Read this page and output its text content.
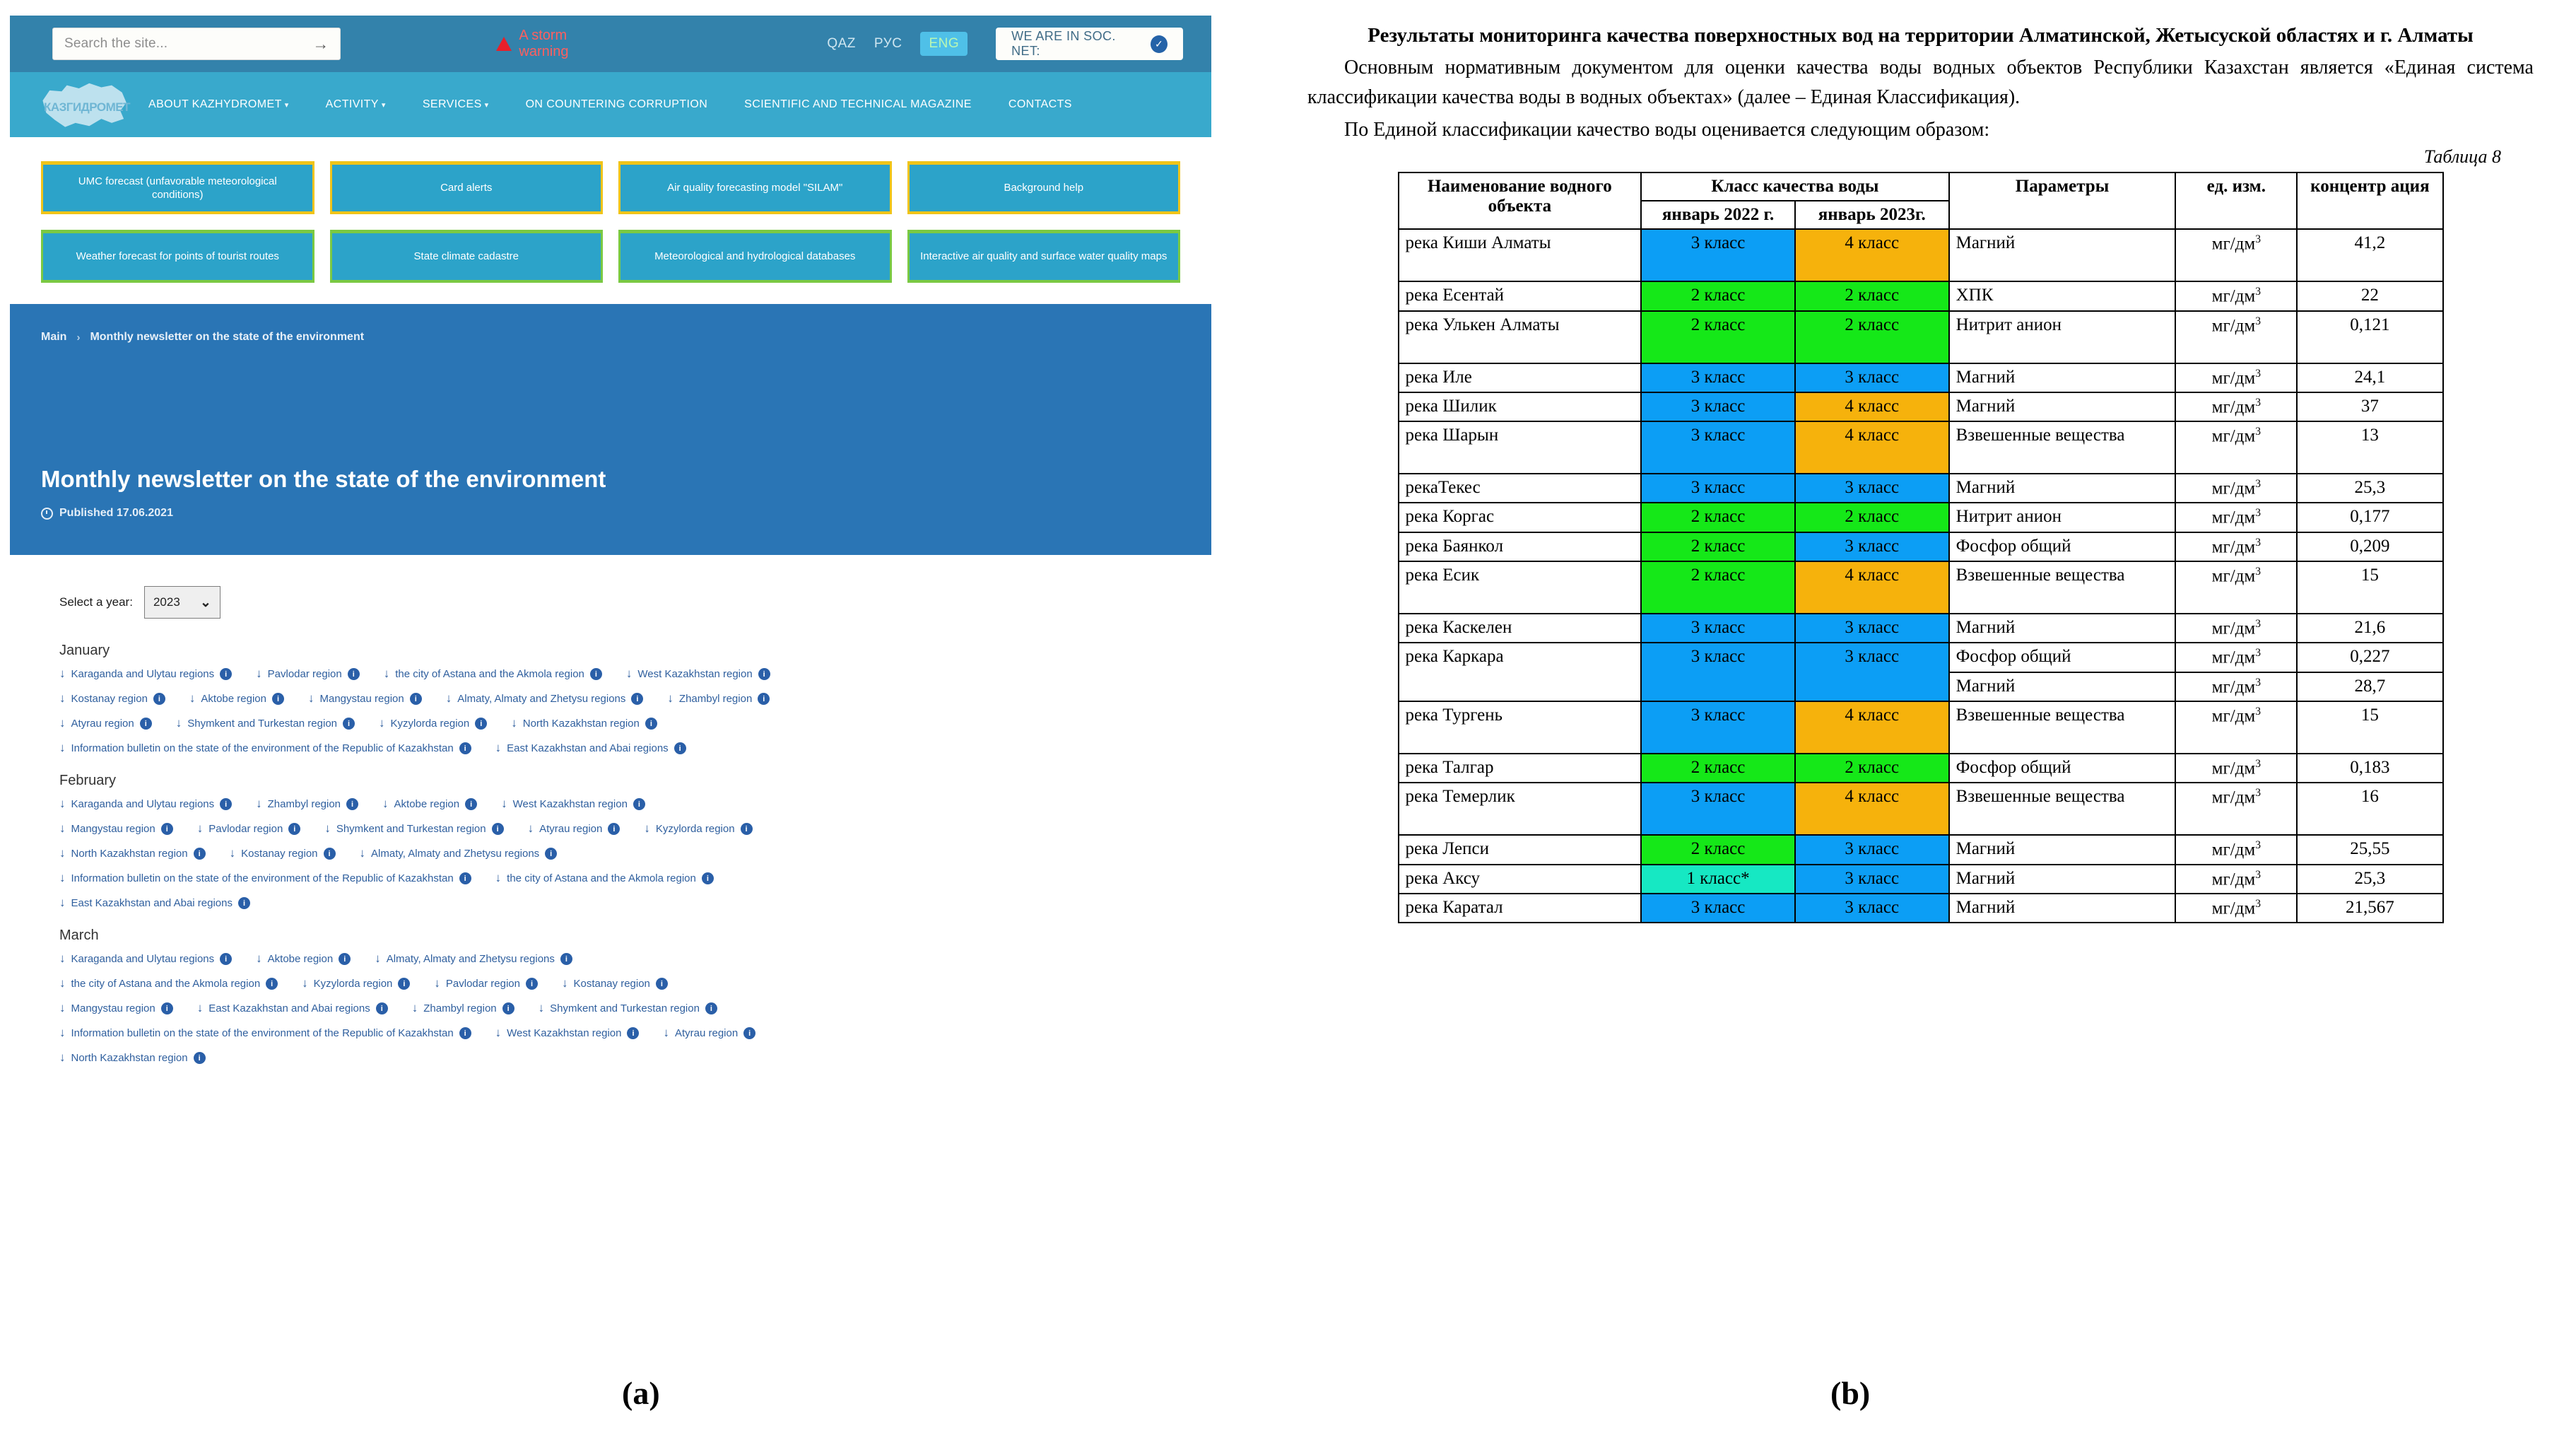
Search the site...	→	A storm warning
QAZ РУС	ENG	WE ARE IN SOC. NET:
✓
КАЗГИДРОМЕТ ABOUT KAZHYDROMET ▾	ACTIVITY ▾	SERVICES ▾	ON COUNTERING CORRUPTION	SCIENTIFIC AND TECHNICAL MAGAZINE	CONTACTS
UMC forecast (unfavorable meteorological conditions)
Card alerts	Air quality forecasting model "SILAM"	Background help
Weather forecast for points of tourist routes	State climate cadastre	Meteorological and hydrological databases	Interactive air quality and surface water quality maps
Main › Monthly newsletter on the state of the environment
Monthly newsletter on the state of the environment
Published 17.06.2021
Select a year: 2023 ⌄
January
↓ Karaganda and Ulytau regions	i	↓ Pavlodar region	i	↓ the city of Astana and the Akmola region	i	↓ West Kazakhstan region	i
↓ Kostanay region	i	↓ Aktobe region	i	↓ Mangystau region	i	↓ Almaty, Almaty and Zhetysu regions	i	↓ Zhambyl region	i
↓ Atyrau region	i	↓ Shymkent and Turkestan region	i	↓ Kyzylorda region	i	↓ North Kazakhstan region	i
↓ Information bulletin on the state of the environment of the Republic of Kazakhstan	i	↓ East Kazakhstan and Abai regions	i
February
↓ Karaganda and Ulytau regions	i	↓ Zhambyl region	i	↓ Aktobe region	i	↓ West Kazakhstan region	i
↓ Mangystau region	i	↓ Pavlodar region	i	↓ Shymkent and Turkestan region	i	↓ Atyrau region	i	↓ Kyzylorda region	i
↓ North Kazakhstan region	i	↓ Kostanay region	i	↓ Almaty, Almaty and Zhetysu regions	i
↓ Information bulletin on the state of the environment of the Republic of Kazakhstan	i	↓ the city of Astana and the Akmola region	i
↓ East Kazakhstan and Abai regions	i
March
↓ Karaganda and Ulytau regions	i	↓ Aktobe region	i	↓ Almaty, Almaty and Zhetysu regions	i
↓ the city of Astana and the Akmola region	i	↓ Kyzylorda region	i	↓ Pavlodar region	i	↓ Kostanay region	i
↓ Mangystau region	i	↓ East Kazakhstan and Abai regions	i	↓ Zhambyl region	i	↓ Shymkent and Turkestan region	i
↓ Information bulletin on the state of the environment of the Republic of Kazakhstan	i	↓ West Kazakhstan region	i	↓ Atyrau region	i
↓ North Kazakhstan region	i
(a)
Результаты мониторинга качества поверхностных вод на территории Алматинской, Жетысуской областях и г. Алматы
Основным нормативным документом для оценки качества воды водных объектов Республики Казахстан является «Единая система классификации качества воды в водных объектах» (далее – Единая Классификация).
По Единой классификации качество воды оценивается следующим образом:
Таблица 8
Наименование водного объекта	Класс качества воды		Параметры	ед. изм.	концентр ация
	январь 2022 г.	январь 2023г.			
река Киши Алматы	3 класс	4 класс	Магний	$мг/дм^3$	41,2
река Есентай	2 класс	2 класс	ХПК	$мг/дм^3$	22
река Улькен Алматы	2 класс	2 класс	Нитрит анион	$мг/дм^3$	0,121
река Иле	3 класс	3 класс	Магний	$мг/дм^3$	24,1
река Шилик	3 класс	4 класс	Магний	$мг/дм^3$	37
река Шарын	3 класс	4 класс	Взвешенные вещества	$мг/дм^3$	13
рекаТекес	3 класс	3 класс	Магний	$мг/дм^3$	25,3
река Коргас	2 класс	2 класс	Нитрит анион	$мг/дм^3$	0,177
река Баянкол	2 класс	3 класс	Фосфор общий	$мг/дм^3$	0,209
река Есик	2 класс	4 класс	Взвешенные вещества	$мг/дм^3$	15
река Каскелен	3 класс	3 класс	Магний	$мг/дм^3$	21,6
река Каркара	3 класс	3 класс	Фосфор общий	$мг/дм^3$	0,227
			Магний	$мг/дм^3$	28,7
река Тургень	3 класс	4 класс	Взвешенные вещества	$мг/дм^3$	15
река Талгар	2 класс	2 класс	Фосфор общий	$мг/дм^3$	0,183
река Темерлик	3 класс	4 класс	Взвешенные вещества	$мг/дм^3$	16
река Лепси	2 класс	3 класс	Магний	$мг/дм^3$	25,55
река Аксу	1 класс*	3 класс	Магний	$мг/дм^3$	25,3
река Каратал	3 класс	3 класс	Магний	$мг/дм^3$	21,567
(b)
